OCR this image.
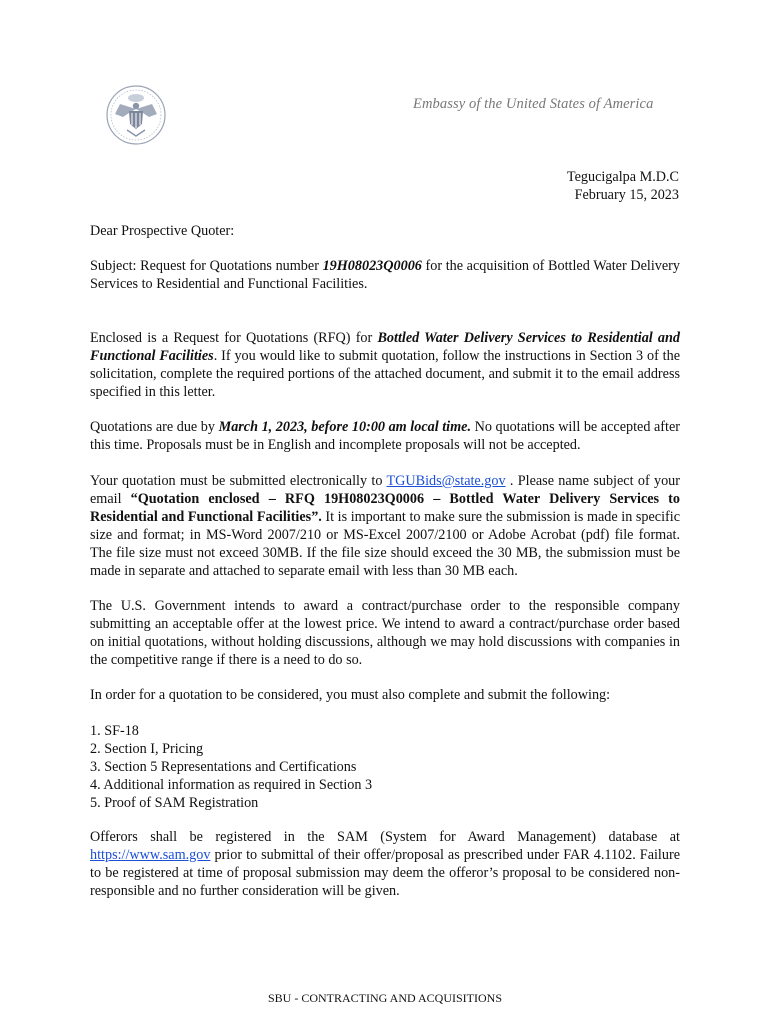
Embassy of the United States of America
Tegucigalpa M.D.C
February 15, 2023

Dear Prospective Quoter:

Subject: Request for Quotations number 19H08023Q0006 for the acquisition of Bottled Water Delivery Services to Residential and Functional Facilities.

Enclosed is a Request for Quotations (RFQ) for Bottled Water Delivery Services to Residential and Functional Facilities. If you would like to submit quotation, follow the instructions in Section 3 of the solicitation, complete the required portions of the attached document, and submit it to the email address specified in this letter.

Quotations are due by March 1, 2023, before 10:00 am local time. No quotations will be accepted after this time. Proposals must be in English and incomplete proposals will not be accepted.

Your quotation must be submitted electronically to TGUBids@state.gov . Please name subject of your email “Quotation enclosed – RFQ 19H08023Q0006 – Bottled Water Delivery Services to Residential and Functional Facilities”. It is important to make sure the submission is made in specific size and format; in MS-Word 2007/210 or MS-Excel 2007/2100 or Adobe Acrobat (pdf) file format. The file size must not exceed 30MB. If the file size should exceed the 30 MB, the submission must be made in separate and attached to separate email with less than 30 MB each.

The U.S. Government intends to award a contract/purchase order to the responsible company submitting an acceptable offer at the lowest price. We intend to award a contract/purchase order based on initial quotations, without holding discussions, although we may hold discussions with companies in the competitive range if there is a need to do so.

In order for a quotation to be considered, you must also complete and submit the following:

1. SF-18
2. Section I, Pricing
3. Section 5 Representations and Certifications
4. Additional information as required in Section 3
5. Proof of SAM Registration

Offerors shall be registered in the SAM (System for Award Management) database at https://www.sam.gov prior to submittal of their offer/proposal as prescribed under FAR 4.1102. Failure to be registered at time of proposal submission may deem the offeror’s proposal to be considered non-responsible and no further consideration will be given.

SBU - CONTRACTING AND ACQUISITIONS
